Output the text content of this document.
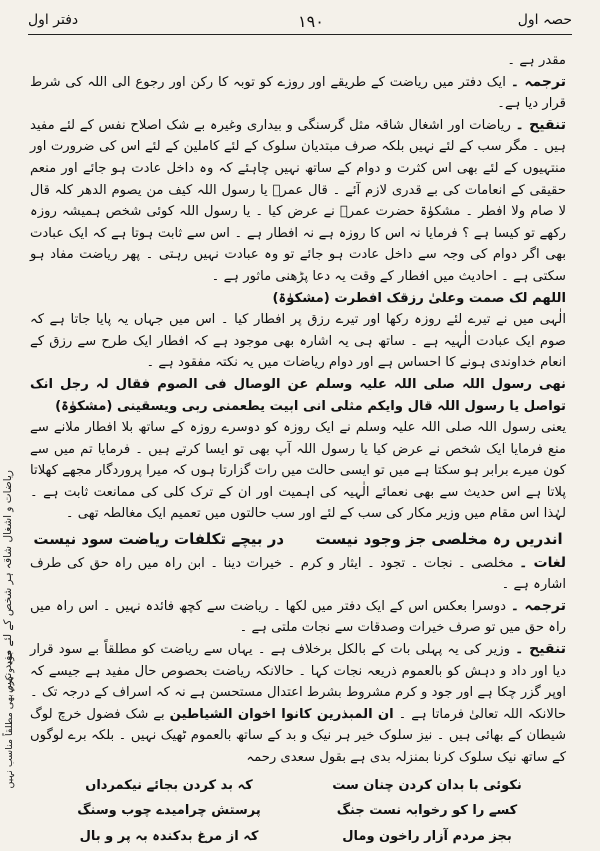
دفتر اول	١٩٠	حصہ اول
ریاضات و اشغال شاقہ ہر شخص کے لئے مفید نہیں
جود و کرم بھی مطلقاً مناسب نہیں

مقدر ہے ۔

ترجمہ ۔ ایک دفتر میں ریاضت کے طریقے اور روزے کو توبہ کا رکن اور رجوع الی اللہ کی شرط قرار دیا ہے۔

تنقیح ۔ ریاضات اور اشغال شاقہ مثل گرسنگی و بیداری وغیرہ بے شک اصلاح نفس کے لئے مفید ہیں ۔ مگر سب کے لئے نہیں بلکہ صرف مبتدیان سلوک کے لئے کاملین کے لئے اس کی ضرورت اور منتہیوں کے لئے بھی اس کثرت و دوام کے ساتھ نہیں چاہئے کہ وہ داخل عادت ہو جائے اور منعم حقیقی کے انعامات کی بے قدری لازم آئے ۔ قال عمرؓ یا رسول اللہ کیف من یصوم الدھر کلہ قال لا صام ولا افطر ۔ مشکوٰۃ حضرت عمرؓ نے عرض کیا ۔ یا رسول اللہ کوئی شخص ہمیشہ روزہ رکھے تو کیسا ہے ؟ فرمایا نہ اس کا روزہ ہے نہ افطار ہے ۔ اس سے ثابت ہوتا ہے کہ ایک عبادت بھی اگر دوام کی وجہ سے داخل عادت ہو جائے تو وہ عبادت نہیں رہتی ۔ پھر ریاضت مفاد ہو سکتی ہے ۔ احادیث میں افطار کے وقت یہ دعا پڑھنی ماثور ہے ۔

اللھم لک صمت وعلیٰ رزقک افطرت (مشکوٰۃ)

الٰہی میں نے تیرے لئے روزہ رکھا اور تیرے رزق پر افطار کیا ۔ اس میں جہاں یہ پایا جاتا ہے کہ صوم ایک عبادت الٰہیہ ہے ۔ ساتھ ہی یہ اشارہ بھی موجود ہے کہ افطار ایک طرح سے رزق کے انعام خداوندی ہونے کا احساس ہے اور دوام ریاضات میں یہ نکتہ مفقود ہے ۔

نھی رسول اللہ صلی اللہ علیہ وسلم عن الوصال فی الصوم فقال لہ رجل انک تواصل یا رسول اللہ قال وایکم مثلی انی ابیت یطعمنی ربی ویسقینی (مشکوٰۃ)

یعنی رسول اللہ صلی اللہ علیہ وسلم نے ایک روزہ کو دوسرے روزہ کے ساتھ بلا افطار ملانے سے منع فرمایا ایک شخص نے عرض کیا یا رسول اللہ آپ بھی تو ایسا کرتے ہیں ۔ فرمایا تم میں سے کون میرے برابر ہو سکتا ہے میں تو ایسی حالت میں رات گزارتا ہوں کہ میرا پروردگار مجھے کھلاتا پلاتا ہے اس حدیث سے بھی نعمائے الٰہیہ کی اہمیت اور ان کے ترک کلی کی ممانعت ثابت ہے ۔ لہٰذا اس مقام میں وزیر مکار کی سب کے لئے اور سب حالتوں میں تعمیم ایک مغالطہ تھی ۔

اندریں رہ مخلصی جز وجود نیست      در بیچے تکلفات ریاضت سود نیست

لغات ۔ مخلصی ۔ نجات ۔ تجود ۔ ایثار و کرم ۔ خیرات دینا ۔ ابن راہ میں راہ حق کی طرف اشارہ ہے ۔

ترجمہ ۔ دوسرا بعکس اس کے ایک دفتر میں لکھا ۔ ریاضت سے کچھ فائدہ نہیں ۔ اس راہ میں راہ حق میں تو صرف خیرات وصدقات سے نجات ملتی ہے ۔

تنقیح ۔ وزیر کی یہ پہلی بات کے بالکل برخلاف ہے ۔ یہاں سے ریاضت کو مطلقاً بے سود قرار دیا اور داد و دہش کو بالعموم ذریعہ نجات کہا ۔ حالانکہ ریاضت بحصوص حال مفید ہے جیسے کہ اوپر گزر چکا ہے اور جود و کرم مشروط بشرط اعتدال مستحسن ہے نہ کہ اسراف کے درجہ تک ۔ حالانکہ اللہ تعالیٰ فرماتا ہے ۔ ان المبذرین کانوا اخوان الشیاطین بے شک فضول خرچ لوگ شیطان کے بھائی ہیں ۔ نیز سلوک خیر ہر نیک و بد کے ساتھ بالعموم ٹھیک نہیں ۔ بلکہ برے لوگوں کے ساتھ نیک سلوک کرنا بمنزلہ بدی ہے بقول سعدی رحمہ

نکوئی با بدان کردن چنان ست
کہ بد کردن بجائے نیکمرداں
کسے را کو رخوابہ نست جنگ
پرستش چرامیدے چوب وسنگ
بجز مردم آزار راخون ومال
کہ از مرغ بدکندہ بہ پر و بال
